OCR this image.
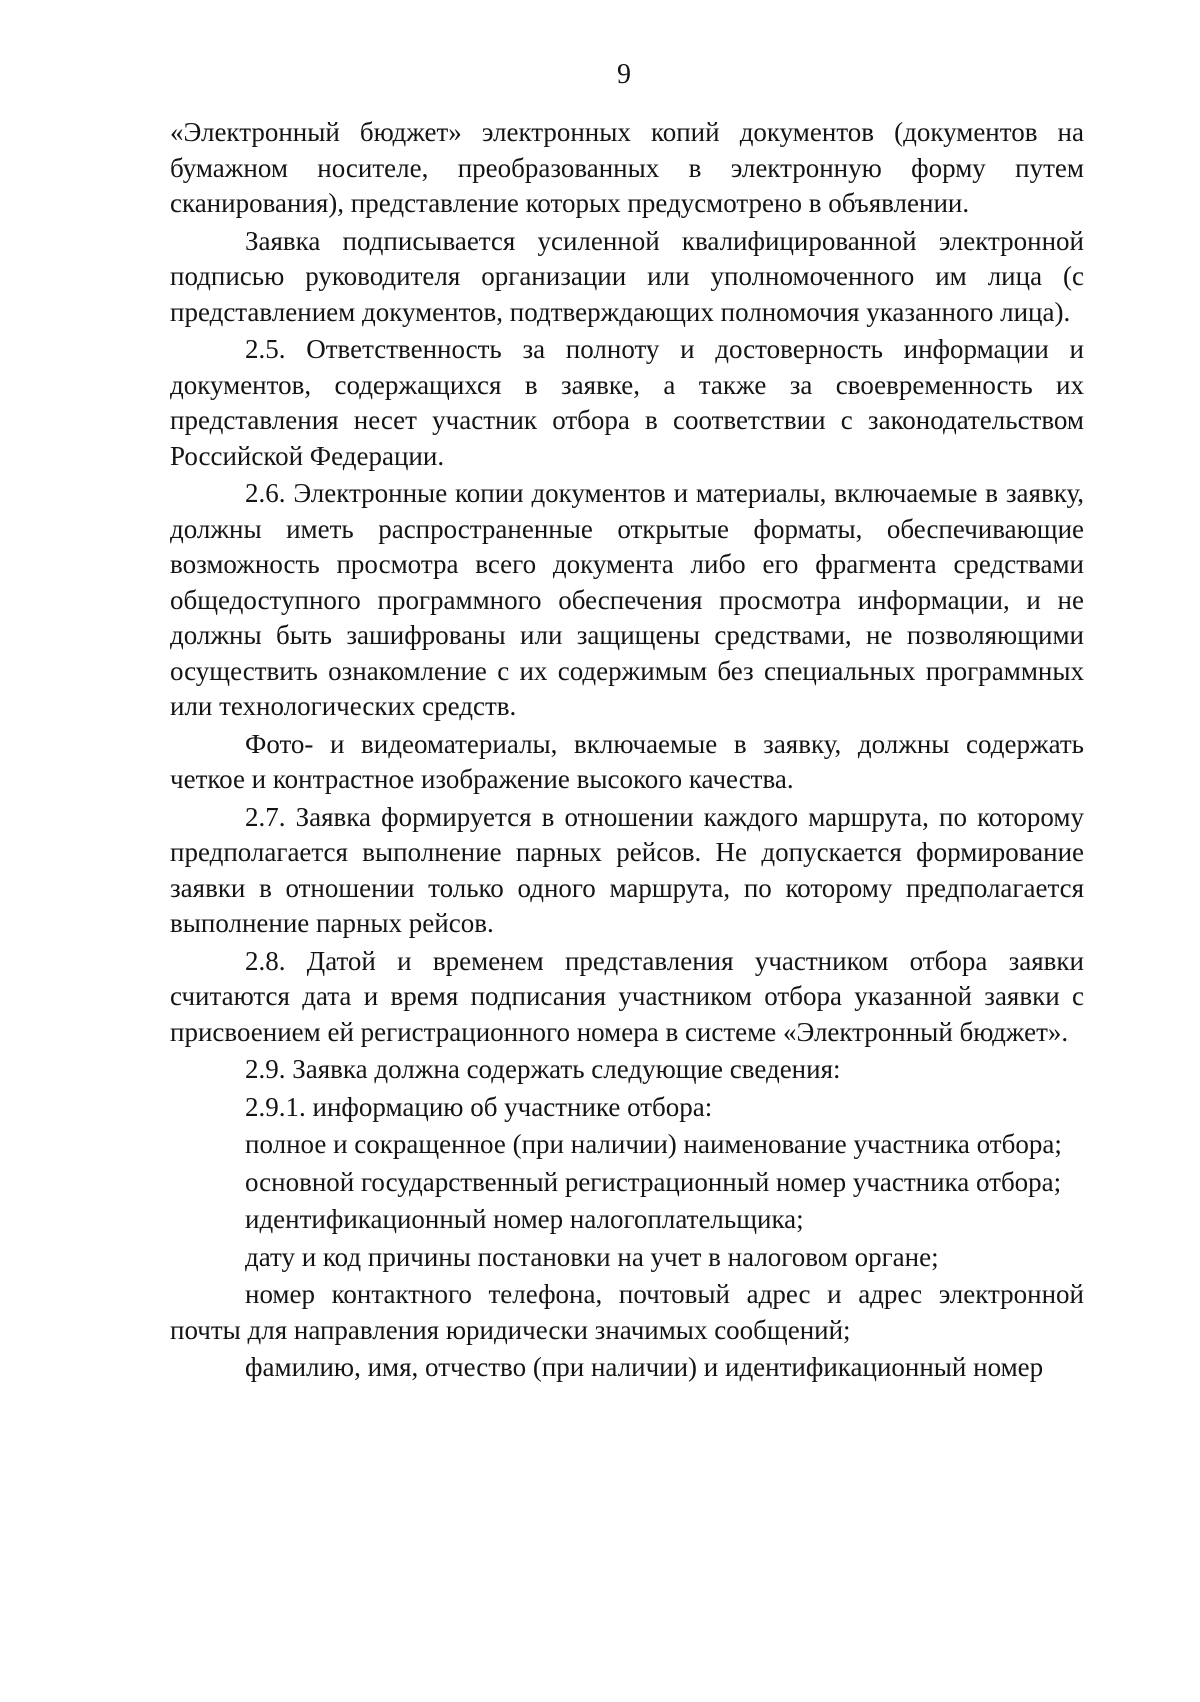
9

«Электронный бюджет» электронных копий документов (документов на бумажном носителе, преобразованных в электронную форму путем сканирования), представление которых предусмотрено в объявлении.

Заявка подписывается усиленной квалифицированной электронной подписью руководителя организации или уполномоченного им лица (с представлением документов, подтверждающих полномочия указанного лица).

2.5. Ответственность за полноту и достоверность информации и документов, содержащихся в заявке, а также за своевременность их представления несет участник отбора в соответствии с законодательством Российской Федерации.

2.6. Электронные копии документов и материалы, включаемые в заявку, должны иметь распространенные открытые форматы, обеспечивающие возможность просмотра всего документа либо его фрагмента средствами общедоступного программного обеспечения просмотра информации, и не должны быть зашифрованы или защищены средствами, не позволяющими осуществить ознакомление с их содержимым без специальных программных или технологических средств.

Фото- и видеоматериалы, включаемые в заявку, должны содержать четкое и контрастное изображение высокого качества.

2.7. Заявка формируется в отношении каждого маршрута, по которому предполагается выполнение парных рейсов. Не допускается формирование заявки в отношении только одного маршрута, по которому предполагается выполнение парных рейсов.

2.8. Датой и временем представления участником отбора заявки считаются дата и время подписания участником отбора указанной заявки с присвоением ей регистрационного номера в системе «Электронный бюджет».

2.9. Заявка должна содержать следующие сведения:

2.9.1. информацию об участнике отбора:

полное и сокращенное (при наличии) наименование участника отбора;

основной государственный регистрационный номер участника отбора;

идентификационный номер налогоплательщика;

дату и код причины постановки на учет в налоговом органе;

номер контактного телефона, почтовый адрес и адрес электронной почты для направления юридически значимых сообщений;

фамилию, имя, отчество (при наличии) и идентификационный номер
